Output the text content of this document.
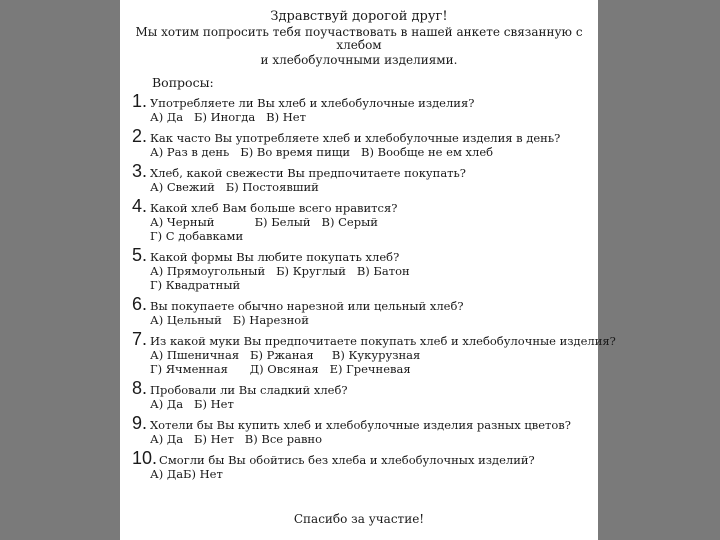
Здравствуй дорогой друг!
Мы хотим попросить тебя поучаствовать в нашей анкете связанную с хлебом
и хлебобулочными изделиями.
Вопросы:
1. Употребляете ли Вы хлеб и хлебобулочные изделия?
А) Да   Б) Иногда   В) Нет
2. Как часто Вы употребляете хлеб и хлебобулочные изделия в день?
А) Раз в день   Б) Во время пищи   В) Вообще не ем хлеб
3. Хлеб, какой свежести Вы предпочитаете покупать?
А) Свежий   Б) Постоявший
4. Какой хлеб Вам больше всего нравится?
А) Черный           Б) Белый   В) Серый
Г) С добавками
5. Какой формы Вы любите покупать хлеб?
А) Прямоугольный   Б) Круглый   В) Батон
Г) Квадратный
6. Вы покупаете обычно нарезной или цельный хлеб?
А) Цельный   Б) Нарезной
7. Из какой муки Вы предпочитаете покупать хлеб и хлебобулочные изделия?
А) Пшеничная   Б) Ржаная     В) Кукурузная
Г) Ячменная      Д) Овсяная   Е) Гречневая
8. Пробовали ли Вы сладкий хлеб?
А) Да   Б) Нет
9. Хотели бы Вы купить хлеб и хлебобулочные изделия разных цветов?
А) Да   Б) Нет   В) Все равно
10. Смогли бы Вы обойтись без хлеба и хлебобулочных изделий?
А) ДаБ) Нет
Спасибо за участие!
